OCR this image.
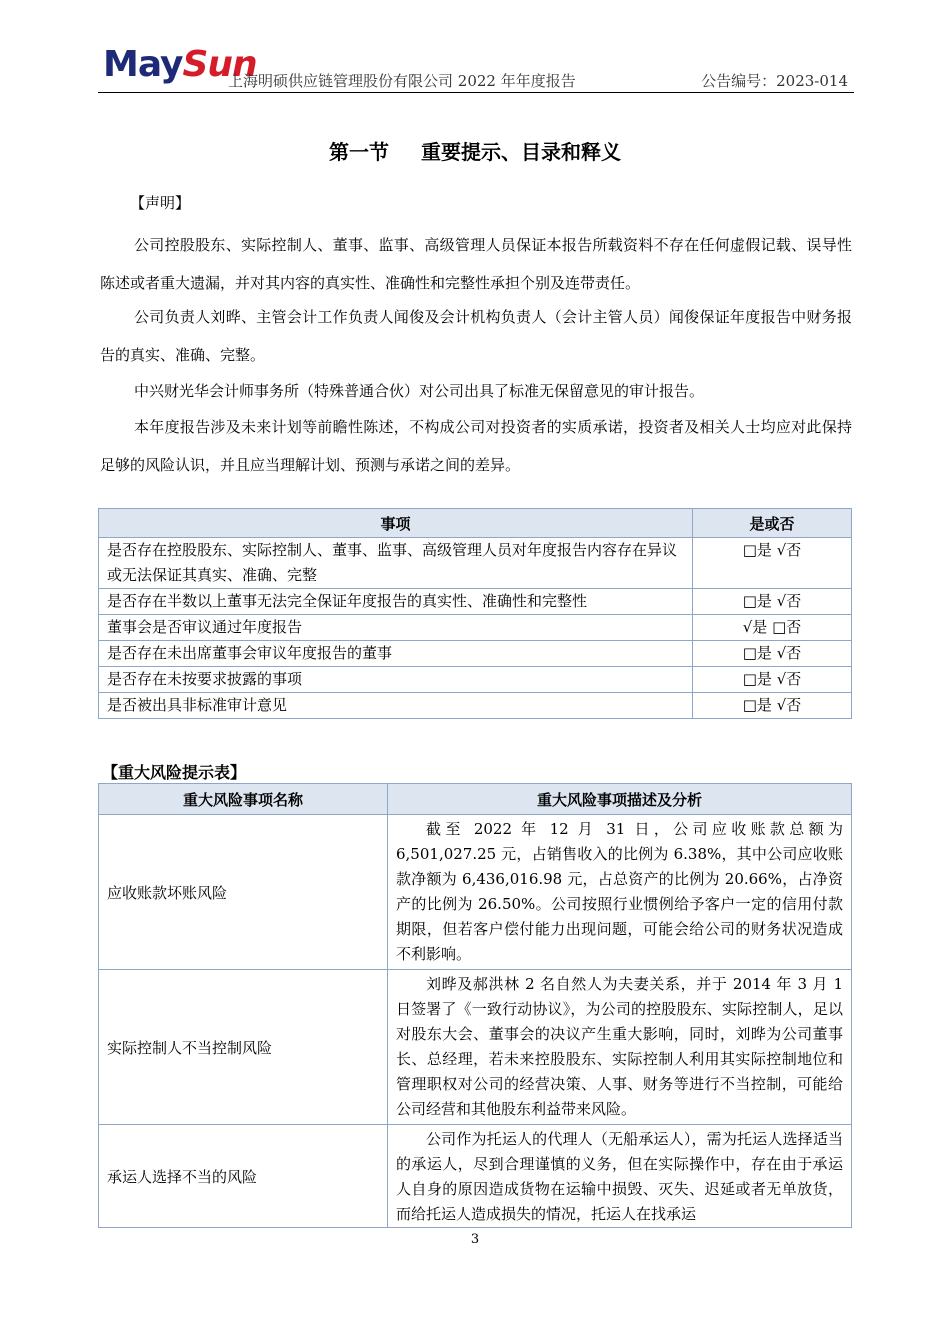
MaySun
上海明硕供应链管理股份有限公司 2022 年年度报告	公告编号：2023-014
第一节 重要提示、目录和释义
【声明】
公司控股股东、实际控制人、董事、监事、高级管理人员保证本报告所载资料不存在任何虚假记载、误导性陈述或者重大遗漏，并对其内容的真实性、准确性和完整性承担个别及连带责任。
公司负责人刘晔、主管会计工作负责人闻俊及会计机构负责人（会计主管人员）闻俊保证年度报告中财务报告的真实、准确、完整。
中兴财光华会计师事务所（特殊普通合伙）对公司出具了标准无保留意见的审计报告。
本年度报告涉及未来计划等前瞻性陈述，不构成公司对投资者的实质承诺，投资者及相关人士均应对此保持足够的风险认识，并且应当理解计划、预测与承诺之间的差异。
事项	是或否
是否存在控股股东、实际控制人、董事、监事、高级管理人员对年度报告内容存在异议或无法保证其真实、准确、完整	□是 √否
是否存在半数以上董事无法完全保证年度报告的真实性、准确性和完整性	□是 √否
董事会是否审议通过年度报告	√是 □否
是否存在未出席董事会审议年度报告的董事	□是 √否
是否存在未按要求披露的事项	□是 √否
是否被出具非标准审计意见	□是 √否
【重大风险提示表】
重大风险事项名称	重大风险事项描述及分析
应收账款坏账风险	截至 2022 年 12 月 31 日，公司应收账款总额为 6,501,027.25 元，占销售收入的比例为 6.38%，其中公司应收账款净额为 6,436,016.98 元，占总资产的比例为 20.66%，占净资产的比例为 26.50%。公司按照行业惯例给予客户一定的信用付款期限，但若客户偿付能力出现问题，可能会给公司的财务状况造成不利影响。
实际控制人不当控制风险	刘晔及郝洪林 2 名自然人为夫妻关系，并于 2014 年 3 月 1 日签署了《一致行动协议》，为公司的控股股东、实际控制人，足以对股东大会、董事会的决议产生重大影响，同时，刘晔为公司董事长、总经理，若未来控股股东、实际控制人利用其实际控制地位和管理职权对公司的经营决策、人事、财务等进行不当控制，可能给公司经营和其他股东利益带来风险。
承运人选择不当的风险	公司作为托运人的代理人（无船承运人），需为托运人选择适当的承运人，尽到合理谨慎的义务，但在实际操作中，存在由于承运人自身的原因造成货物在运输中损毁、灭失、迟延或者无单放货，而给托运人造成损失的情况，托运人在找承运
3
